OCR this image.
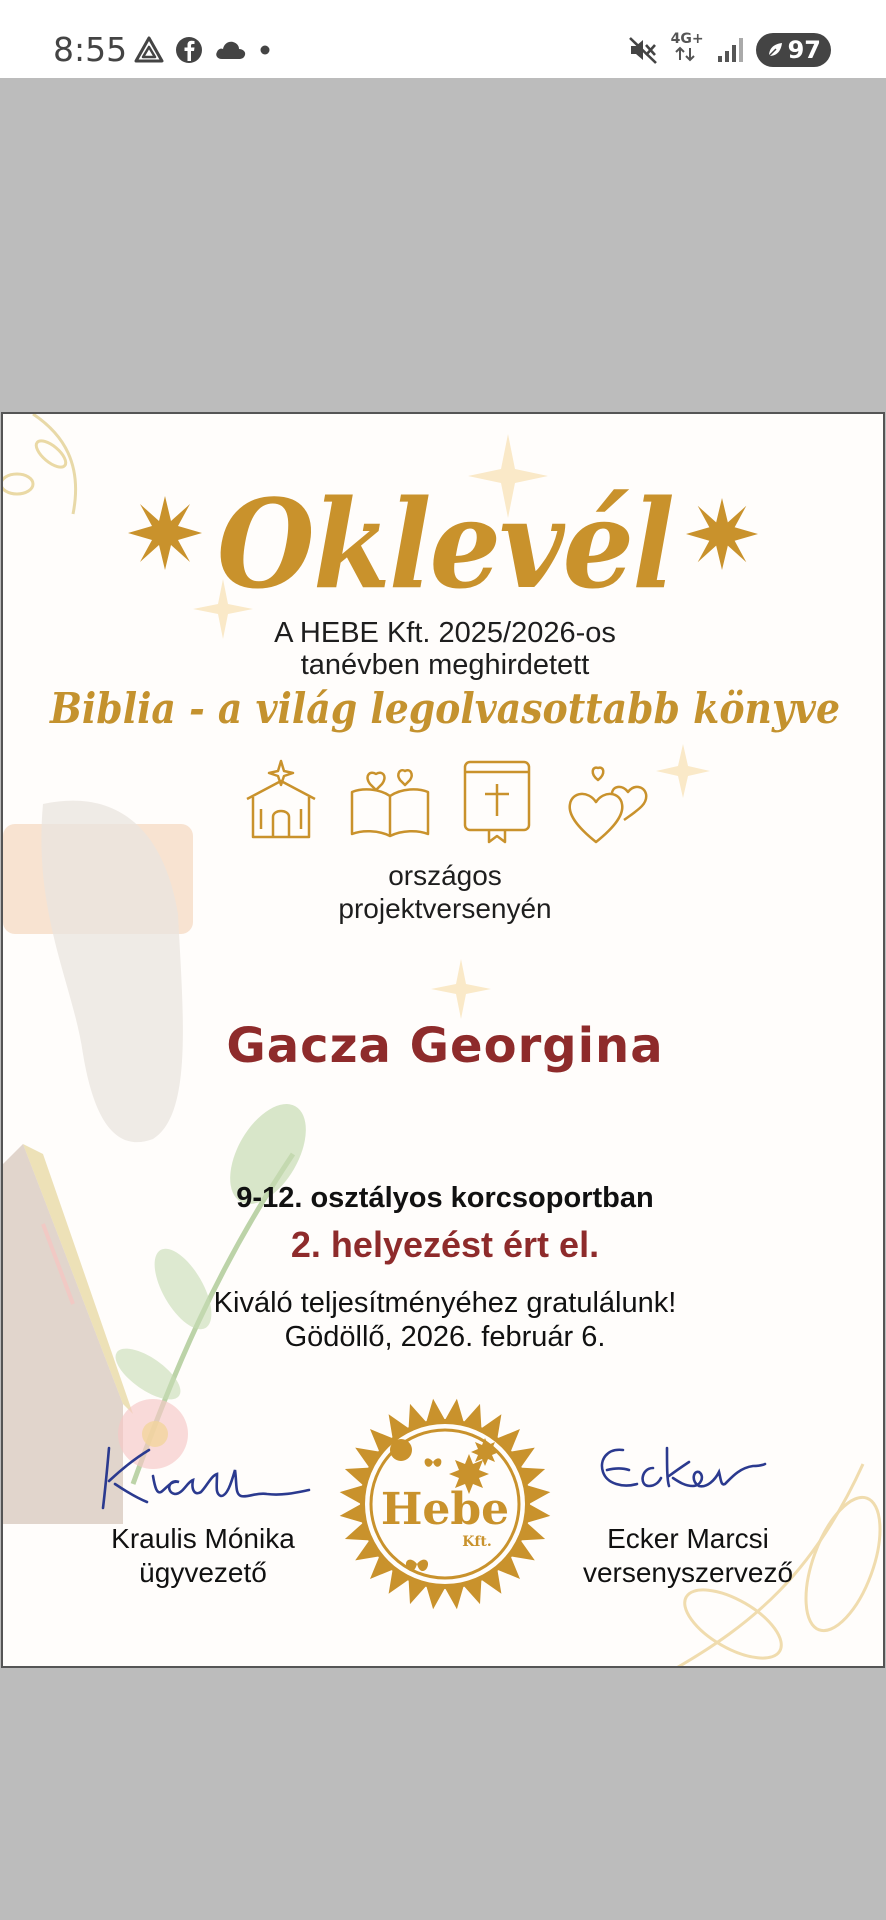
8:55	4G+	97
Oklevél
A HEBE Kft. 2025/2026-os
tanévben meghirdetett
Biblia - a világ legolvasottabb könyve
országos
projektversenyén
Gacza Georgina
9-12. osztályos korcsoportban
2. helyezést ért el.
Kiváló teljesítményéhez gratulálunk!
Gödöllő, 2026. február 6.
Kraulis Mónika
ügyvezető
Ecker Marcsi
versenyszervező
Hebe
Kft.
